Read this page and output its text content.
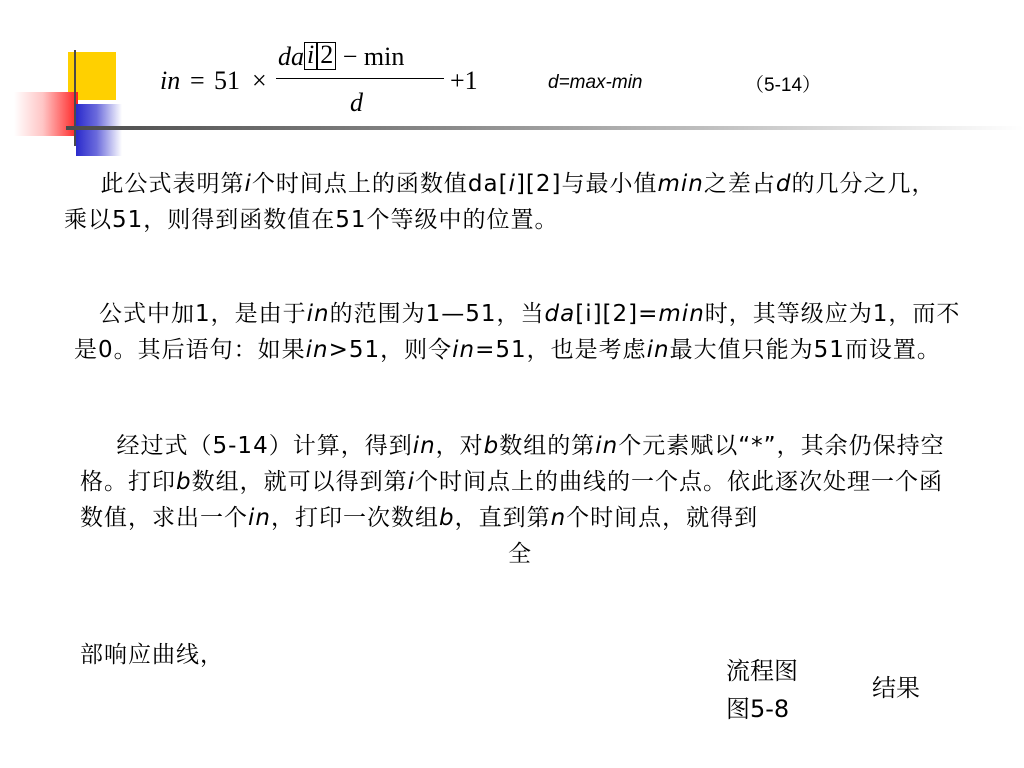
in = 51 ×
da i 2 − min
d
+1	d=max-min	（5-14）
  此公式表明第i个时间点上的函数值da[i][2]与最小值min之差占d的几分之几，乘以51，则得到函数值在51个等级中的位置。
  公式中加1，是由于in的范围为1—51，当da[i][2]=min时，其等级应为1，而不是0。其后语句：如果in>51，则令in=51，也是考虑in最大值只能为51而设置。
  经过式（5-14）计算，得到in，对b数组的第in个元素赋以“*”，其余仍保持空格。打印b数组，就可以得到第i个时间点上的曲线的一个点。依此逐次处理一个函数值，求出一个in，打印一次数组b，直到第n个时间点，就得到
全
部响应曲线，
流程图
图5-8
结果
